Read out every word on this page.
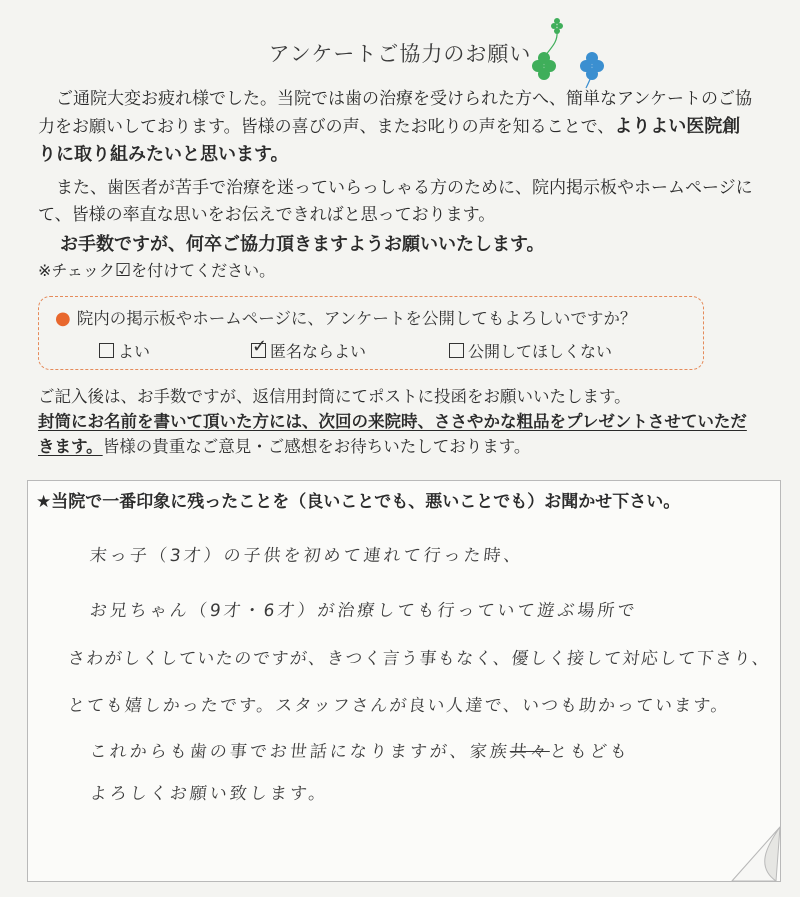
アンケートご協力のお願い

ご通院大変お疲れ様でした。当院では歯の治療を受けられた方へ、簡単なアンケートのご協力をお願いしております。皆様の喜びの声、またお叱りの声を知ることで、よりよい医院創りに取り組みたいと思います。

また、歯医者が苦手で治療を迷っていらっしゃる方のために、院内掲示板やホームページにて、皆様の率直な思いをお伝えできればと思っております。

お手数ですが、何卒ご協力頂きますようお願いいたします。

※チェック☑を付けてください。
● 院内の掲示板やホームページに、アンケートを公開してもよろしいですか？
よい
✓	匿名ならよい	公開してほしくない

ご記入後は、お手数ですが、返信用封筒にてポストに投函をお願いいたします。

封筒にお名前を書いて頂いた方には、次回の来院時、ささやかな粗品をプレゼントさせていただきます。皆様の貴重なご意見・ご感想をお待ちいたしております。

★当院で一番印象に残ったことを（良いことでも、悪いことでも）お聞かせ下さい。
末っ子（3才）の子供を初めて連れて行った時、
お兄ちゃん（9才・6才）が治療しても行っていて遊ぶ場所で
さわがしくしていたのですが、きつく言う事もなく、優しく接して対応して下さり、
とても嬉しかったです。スタッフさんが良い人達で、いつも助かっています。
これからも歯の事でお世話になりますが、家族共々ともども
よろしくお願い致します。
